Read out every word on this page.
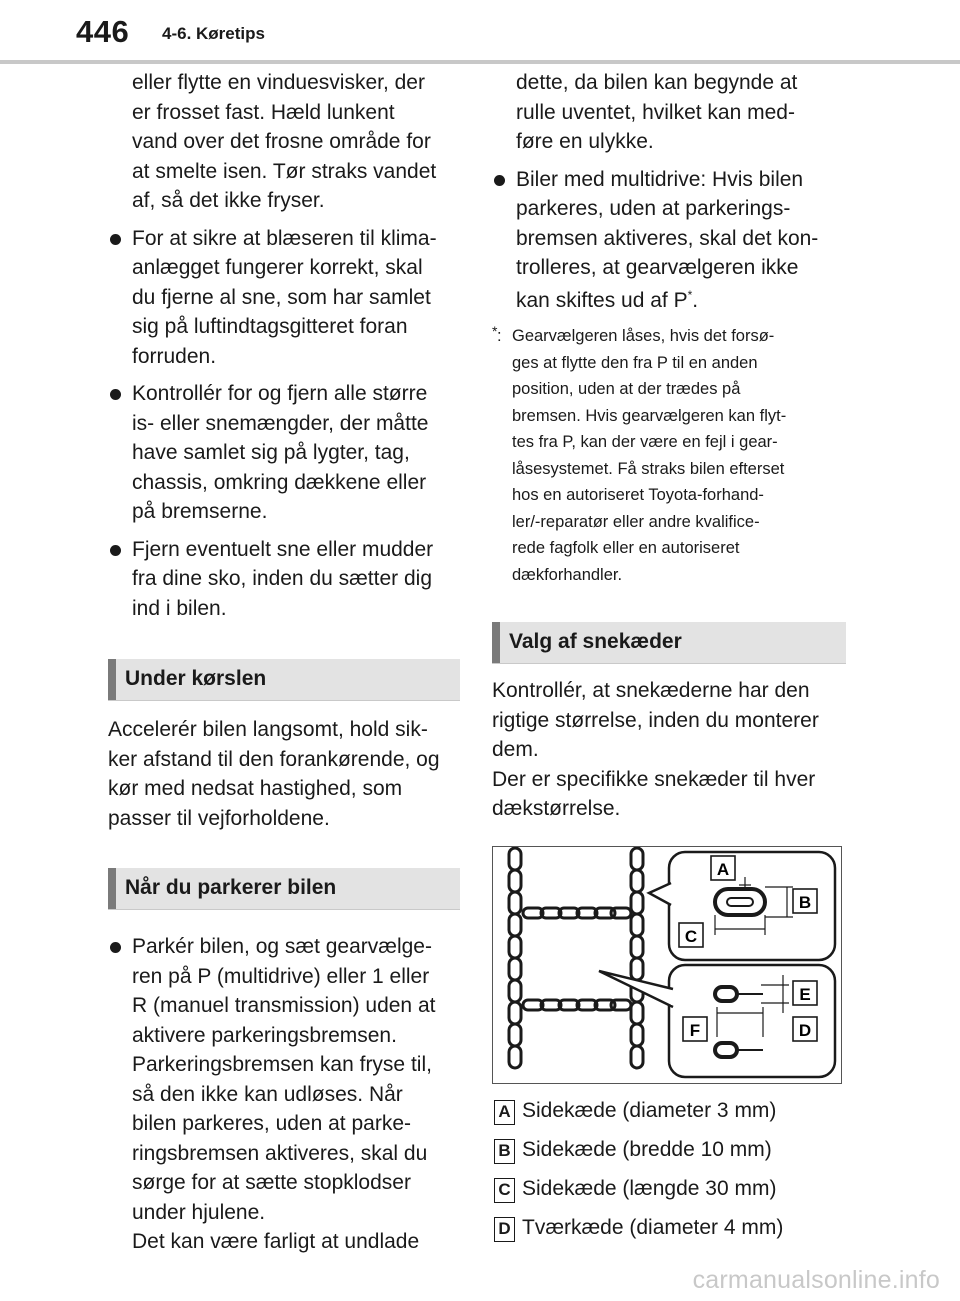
446 4-6. Køretips
eller flytte en vinduesvisker, der
er frosset fast. Hæld lunkent
vand over det frosne område for
at smelte isen. Tør straks vandet
af, så det ikke fryser.
For at sikre at blæseren til klima-
anlægget fungerer korrekt, skal
du fjerne al sne, som har samlet
sig på luftindtagsgitteret foran
forruden.
Kontrollér for og fjern alle større
is- eller snemængder, der måtte
have samlet sig på lygter, tag,
chassis, omkring dækkene eller
på bremserne.
Fjern eventuelt sne eller mudder
fra dine sko, inden du sætter dig
ind i bilen.
Under kørslen
Accelerér bilen langsomt, hold sik-
ker afstand til den forankørende, og
kør med nedsat hastighed, som
passer til vejforholdene.
Når du parkerer bilen
Parkér bilen, og sæt gearvælge-
ren på P (multidrive) eller 1 eller
R (manuel transmission) uden at
aktivere parkeringsbremsen.
Parkeringsbremsen kan fryse til,
så den ikke kan udløses. Når
bilen parkeres, uden at parke-
ringsbremsen aktiveres, skal du
sørge for at sætte stopklodser
under hjulene.
Det kan være farligt at undlade
dette, da bilen kan begynde at
rulle uventet, hvilket kan med-
føre en ulykke.
Biler med multidrive: Hvis bilen
parkeres, uden at parkerings-
bremsen aktiveres, skal det kon-
trolleres, at gearvælgeren ikke
kan skiftes ud af P*.
* : Gearvælgeren låses, hvis det forsø-
ges at flytte den fra P til en anden
position, uden at der trædes på
bremsen. Hvis gearvælgeren kan flyt-
tes fra P, kan der være en fejl i gear-
låsesystemet. Få straks bilen efterset
hos en autoriseret Toyota-forhand-
ler/-reparatør eller andre kvalifice-
rede fagfolk eller en autoriseret
dækforhandler.
Valg af snekæder
Kontrollér, at snekæderne har den
rigtige størrelse, inden du monterer
dem.
Der er specifikke snekæder til hver
dækstørrelse.
A
B
C
E
D
F
A Sidekæde (diameter 3 mm)
B Sidekæde (bredde 10 mm)
C Sidekæde (længde 30 mm)
D Tværkæde (diameter 4 mm)
carmanualsonline.info
